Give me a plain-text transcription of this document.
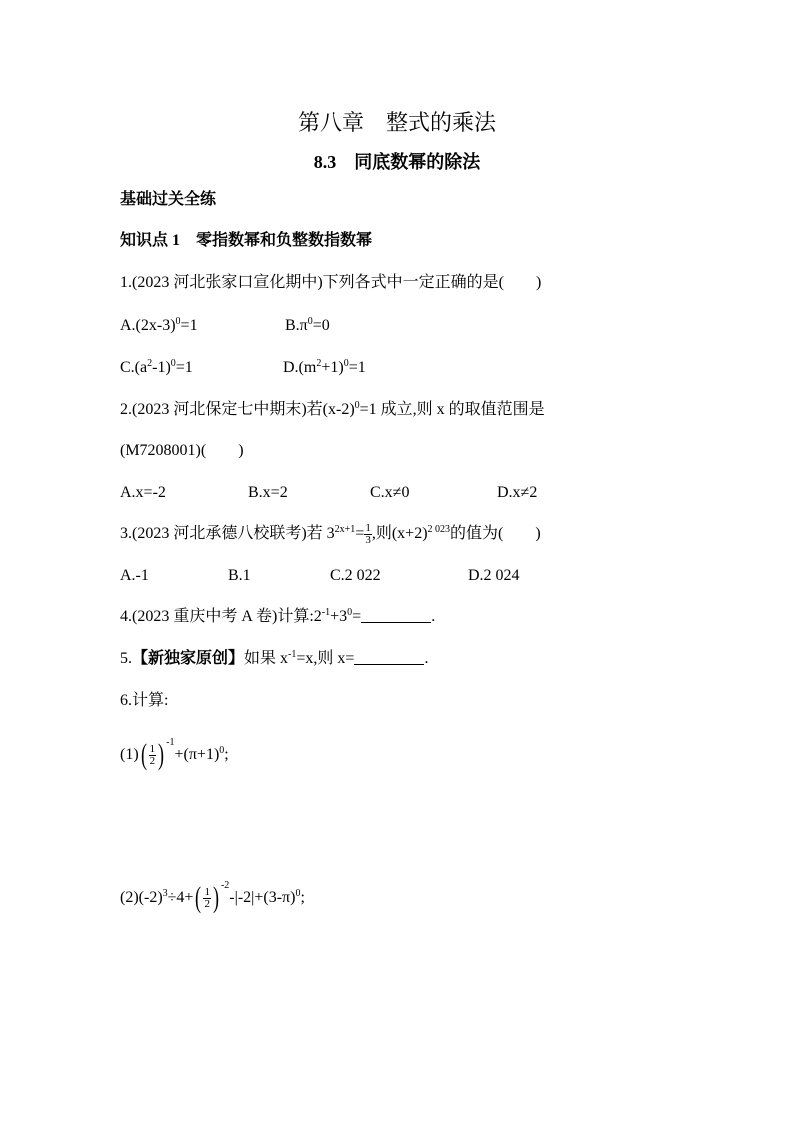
第八章　整式的乘法
8.3　同底数幂的除法
基础过关全练
知识点 1　零指数幂和负整数指数幂
1.(2023 河北张家口宣化期中)下列各式中一定正确的是(　　)
$A.(2x-3)^0=1$	$B.\pi^0=0$
$C.(a^2-1)^0=1$	$D.(m^2+1)^0=1$
2.(2023 河北保定七中期末)若$(x-2)^0=1$ 成立,则 x 的取值范围是
(M7208001)(　　)
A.x=-2	B.x=2	C.x≠0	D.x≠2
3.(2023 河北承德八校联考)若 $3^{2x+1}= \frac{1}{3}$ ,则$(x+2)^{2 023}$的值为(　　)
A.-1	B.1	C.2 022	D.2 024
4.(2023 重庆中考 A 卷)计算$:2^{-1}+3^0=$	.
5.【新独家原创】如果 $x^{-1}=x$,则 x=	.
6.计算:
$(1)( \frac{1}{2}$ ) $^{-1}+(\pi+1)^0$;
$(2)(-2)^3\div 4+( \frac{1}{2}$ ) $^{-2}-|-2|+(3-\pi)^0$;
